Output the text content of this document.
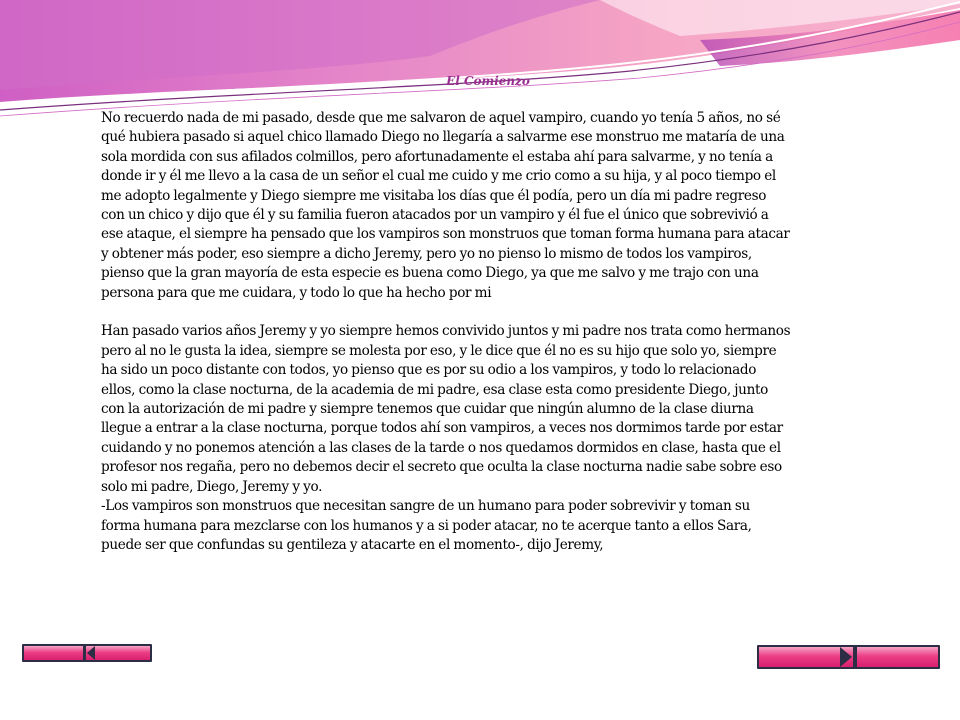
El Comienzo

No recuerdo nada de mi pasado, desde que me salvaron de aquel vampiro, cuando yo tenía 5 años, no sé qué hubiera pasado si aquel chico llamado Diego no llegaría a salvarme ese monstruo me mataría de una sola mordida con sus afilados colmillos, pero afortunadamente el estaba ahí para salvarme, y no tenía a donde ir y él me llevo a la casa de un señor el cual me cuido y me crio como a su hija, y al poco tiempo el me adopto legalmente y Diego siempre me visitaba los días que él podía, pero un día mi padre regreso con un chico y dijo que él y su familia fueron atacados por un vampiro y él fue el único que sobrevivió a ese ataque, el siempre ha pensado que los vampiros son monstruos que toman forma humana para atacar y obtener más poder, eso siempre a dicho Jeremy, pero yo no pienso lo mismo de todos los vampiros, pienso que la gran mayoría de esta especie es buena como Diego, ya que me salvo y me trajo con una persona para que me cuidara, y todo lo que ha hecho por mi

Han pasado varios años Jeremy y yo siempre hemos convivido juntos y mi padre nos trata como hermanos pero al no le gusta la idea, siempre se molesta por eso, y le dice que él no es su hijo que solo yo, siempre ha sido un poco distante con todos, yo pienso que es por su odio a los vampiros, y todo lo relacionado ellos, como la clase nocturna, de la academia de mi padre, esa clase esta como presidente Diego, junto con la autorización de mi padre y siempre tenemos que cuidar que ningún alumno de la clase diurna llegue a entrar a la clase nocturna, porque todos ahí son vampiros, a veces nos dormimos tarde por estar cuidando y no ponemos atención a las clases de la tarde o nos quedamos dormidos en clase, hasta que el profesor nos regaña, pero no debemos decir el secreto que oculta la clase nocturna nadie sabe sobre eso solo mi padre, Diego, Jeremy y yo.

-Los vampiros son monstruos que necesitan sangre de un humano para poder sobrevivir y toman su forma humana para mezclarse con los humanos y a si poder atacar, no te acerque tanto a ellos Sara, puede ser que confundas su gentileza y atacarte en el momento-, dijo Jeremy,
